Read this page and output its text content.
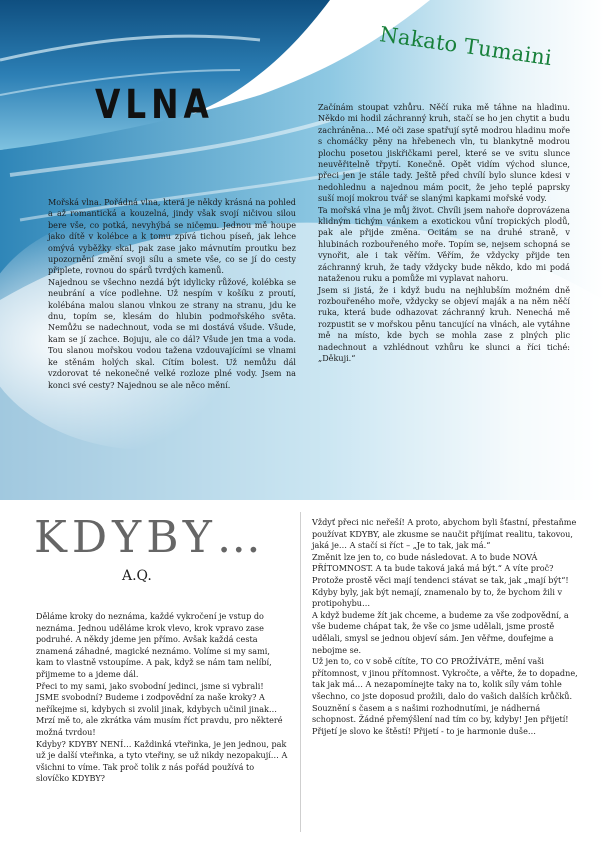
Nakato Tumaini
VLNA

Mořská vlna. Pořádná vlna, která je někdy krásná na pohled a až romantická a kouzelná, jindy však svojí ničivou silou bere vše, co potká, nevyhýbá se ničemu. Jednou mě houpe jako dítě v kolébce a k tomu zpívá tichou píseň, jak lehce omývá vyběžky skal, pak zase jako mávnutím proutku bez upozornění změní svoji sílu a smete vše, co se jí do cesty připlete, rovnou do spárů tvrdých kamenů.

Najednou se všechno nezdá být idylicky růžové, kolébka se neubrání a více podlehne. Už nespím v košíku z proutí, kolébána malou slanou vlnkou ze strany na stranu, jdu ke dnu, topím se, klesám do hlubin podmořského světa. Nemůžu se nadechnout, voda se mi dostává všude. Všude, kam se jí zachce. Bojuju, ale co dál? Všude jen tma a voda. Tou slanou mořskou vodou tažena vzdouvajícími se vlnami ke stěnám holých skal. Cítím bolest. Už nemůžu dál vzdorovat té nekonečné velké rozloze plné vody. Jsem na konci své cesty? Najednou se ale něco mění.

Začínám stoupat vzhůru. Něčí ruka mě táhne na hladinu. Někdo mi hodil záchranný kruh, stačí se ho jen chytit a budu zachráněna… Mé oči zase spatřují sytě modrou hladinu moře s chomáčky pěny na hřebenech vln, tu blankytně modrou plochu posetou jiskřičkami perel, které se ve svitu slunce neuvěřitelně třpytí. Konečně. Opět vidím východ slunce, přeci jen je stále tady. Ještě před chvílí bylo slunce kdesi v nedohlednu a najednou mám pocit, že jeho teplé paprsky suší mojí mokrou tvář se slanými kapkami mořské vody.

Ta mořská vlna je můj život. Chvíli jsem nahoře doprovázena klidným tichým vánkem a exotickou vůní tropických plodů, pak ale přijde změna. Ocitám se na druhé straně, v hlubinách rozbouřeného moře. Topím se, nejsem schopná se vynořit, ale i tak věřím. Věřím, že vždycky přijde ten záchranný kruh, že tady vždycky bude někdo, kdo mi podá nataženou ruku a pomůže mi vyplavat nahoru.

Jsem si jistá, že i když budu na nejhlubším možném dně rozbouřeného moře, vždycky se objeví maják a na něm něčí ruka, která bude odhazovat záchranný kruh. Nenechá mě rozpustit se v mořskou pěnu tancující na vlnách, ale vytáhne mě na místo, kde bych se mohla zase z plných plic nadechnout a vzhlédnout vzhůru ke slunci a říci tiché: „Děkuji.“

KDYBY…
A.Q.

Děláme kroky do neznáma, každé vykročení je vstup do neznáma. Jednou uděláme krok vlevo, krok vpravo zase podruhé. A někdy jdeme jen přímo. Avšak každá cesta znamená záhadné, magické neznámo. Volíme si my sami, kam to vlastně vstoupíme. A pak, když se nám tam nelíbí, přijmeme to a jdeme dál.

Přeci to my sami, jako svobodní jedinci, jsme si vybrali! JSME svobodní? Budeme i zodpovědní za naše kroky? A neříkejme si, kdybych si zvolil jinak, kdybych učinil jinak… Mrzí mě to, ale zkrátka vám musím říct pravdu, pro některé možná tvrdou!

Kdyby? KDYBY NENÍ… Každinká vteřinka, je jen jednou, pak už je další vteřinka, a tyto vteřiny, se už nikdy nezopakují… A všichni to víme. Tak proč tolik z nás pořád používá to slovíčko KDYBY?

Vždyť přeci nic neřeší! A proto, abychom byli šťastní, přestaňme používat KDYBY, ale zkusme se naučit přijímat realitu, takovou, jaká je… A stačí si říct – „Je to tak, jak má.“

Změnit lze jen to, co bude následovat. A to bude NOVÁ PŘÍTOMNOST. A ta bude taková jaká má být.“ A víte proč? Protože prostě věci mají tendenci stávat se tak, jak „mají být“! Kdyby byly, jak být nemají, znamenalo by to, že bychom žili v protipohybu…

A když budeme žít jak chceme, a budeme za vše zodpovědní, a vše budeme chápat tak, že vše co jsme udělali, jsme prostě udělali, smysl se jednou objeví sám. Jen věřme, doufejme a nebojme se.

Už jen to, co v sobě cítíte, TO CO PROŽÍVÁTE, mění vaši přítomnost, v jinou přítomnost. Vykročte, a věřte, že to dopadne, tak jak má… A nezapomínejte taky na to, kolik síly vám tohle všechno, co jste doposud prožili, dalo do vašich dalších krůčků.

Souznění s časem a s našimi rozhodnutími, je nádherná schopnost. Žádné přemýšlení nad tím co by, kdyby! Jen přijetí! Přijetí je slovo ke štěstí! Přijetí - to je harmonie duše…
